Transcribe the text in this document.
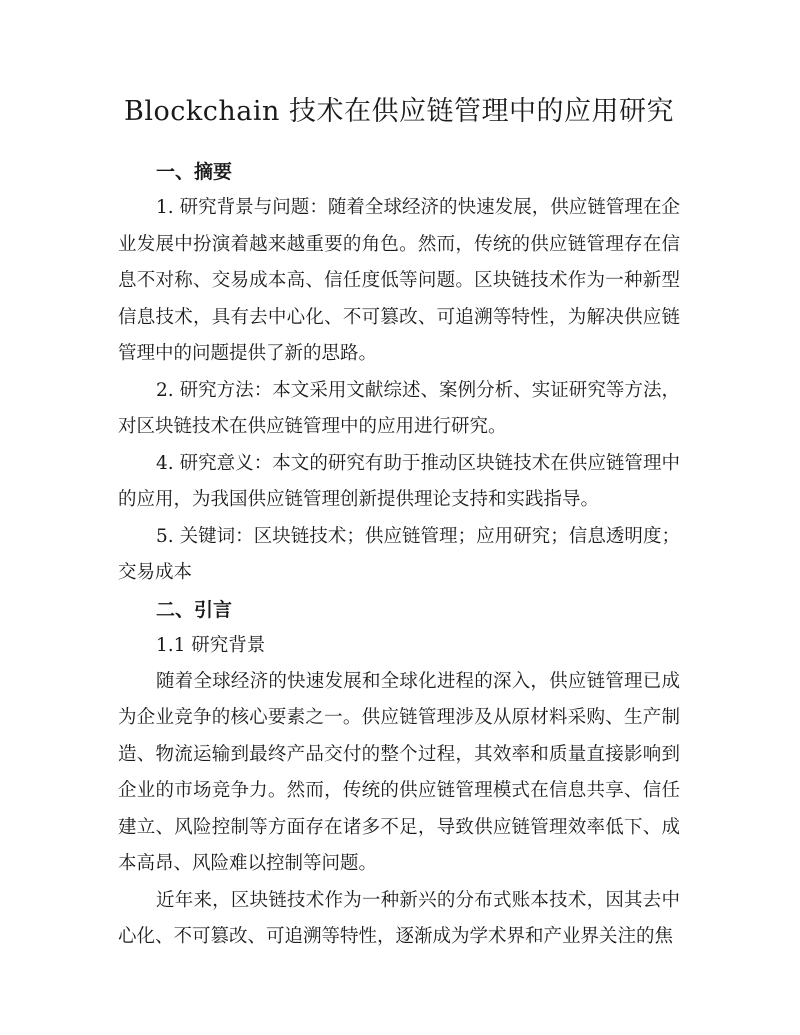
Blockchain 技术在供应链管理中的应用研究

一、摘要

1. 研究背景与问题：随着全球经济的快速发展，供应链管理在企业发展中扮演着越来越重要的角色。然而，传统的供应链管理存在信息不对称、交易成本高、信任度低等问题。区块链技术作为一种新型信息技术，具有去中心化、不可篡改、可追溯等特性，为解决供应链管理中的问题提供了新的思路。

2. 研究方法：本文采用文献综述、案例分析、实证研究等方法，对区块链技术在供应链管理中的应用进行研究。

4. 研究意义：本文的研究有助于推动区块链技术在供应链管理中的应用，为我国供应链管理创新提供理论支持和实践指导。

5. 关键词：区块链技术；供应链管理；应用研究；信息透明度；交易成本

二、引言

1.1 研究背景

随着全球经济的快速发展和全球化进程的深入，供应链管理已成为企业竞争的核心要素之一。供应链管理涉及从原材料采购、生产制造、物流运输到最终产品交付的整个过程，其效率和质量直接影响到企业的市场竞争力。然而，传统的供应链管理模式在信息共享、信任建立、风险控制等方面存在诸多不足，导致供应链管理效率低下、成本高昂、风险难以控制等问题。

近年来，区块链技术作为一种新兴的分布式账本技术，因其去中心化、不可篡改、可追溯等特性，逐渐成为学术界和产业界关注的焦
